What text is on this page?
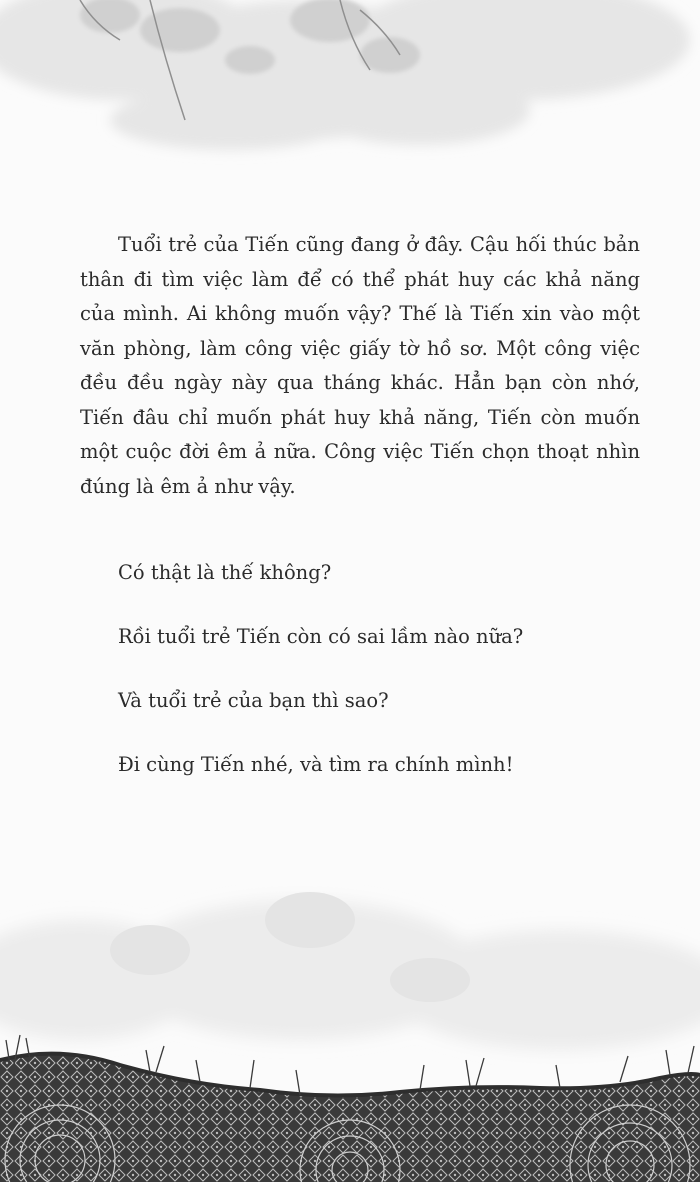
Tuổi trẻ của Tiến cũng đang ở đây. Cậu hối thúc bản thân đi tìm việc làm để có thể phát huy các khả năng của mình. Ai không muốn vậy? Thế là Tiến xin vào một văn phòng, làm công việc giấy tờ hồ sơ. Một công việc đều đều ngày này qua tháng khác. Hẳn bạn còn nhớ, Tiến đâu chỉ muốn phát huy khả năng, Tiến còn muốn một cuộc đời êm ả nữa. Công việc Tiến chọn thoạt nhìn đúng là êm ả như vậy.

Có thật là thế không?

Rồi tuổi trẻ Tiến còn có sai lầm nào nữa?

Và tuổi trẻ của bạn thì sao?

Đi cùng Tiến nhé, và tìm ra chính mình!
